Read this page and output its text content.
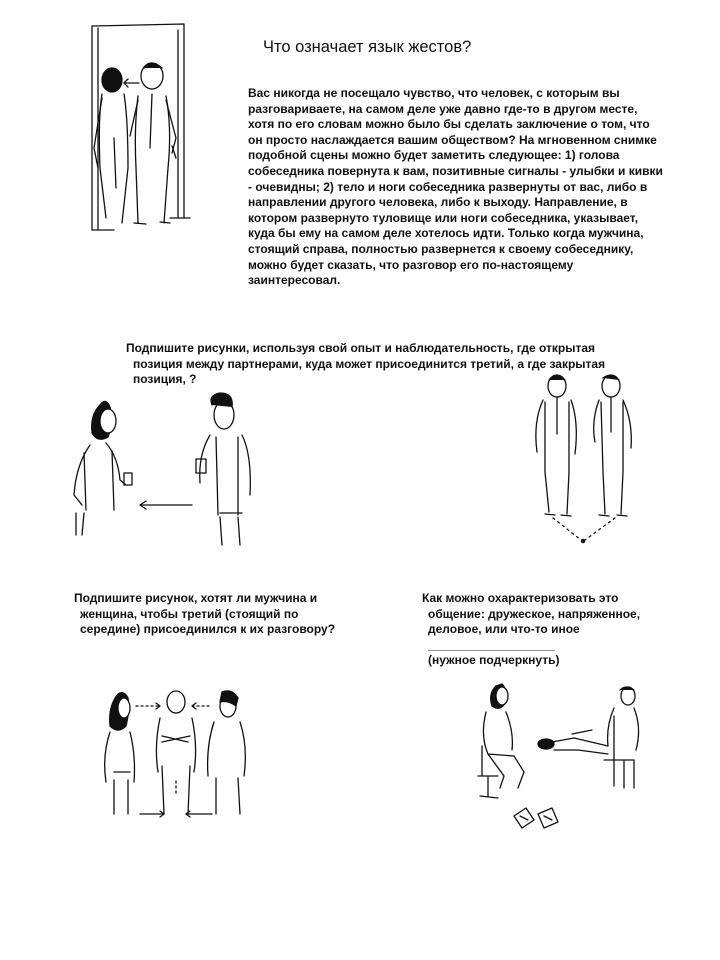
Что означает язык жестов?
Вас никогда не посещало чувство, что человек, с которым вы разговариваете, на самом деле уже давно где-то в другом месте, хотя по его словам можно было бы сделать заключение о том, что он просто наслаждается вашим обществом? На мгновенном снимке подобной сцены можно будет заметить следующее: 1) голова собеседника повернута к вам, позитивные сигналы - улыбки и кивки - очевидны; 2) тело и ноги собеседника развернуты от вас, либо в направлении другого человека, либо к выходу. Направление, в котором развернуто туловище или ноги собеседника, указывает, куда бы ему на самом деле хотелось идти. Только когда мужчина, стоящий справа, полностью развернется к своему собеседнику, можно будет сказать, что разговор его по-настоящему заинтересовал.
Подпишите рисунки, используя свой опыт и наблюдательность, где открытая
позиция между партнерами, куда может присоединится третий, а где закрытая
позиция, ?
Подпишите рисунок, хотят ли мужчина и
женщина, чтобы третий (стоящий по
середине) присоединился к их разговору?
Как можно охарактеризовать это
общение: дружеское, напряженное,
деловое, или что-то иное
___________________
(нужное подчеркнуть)
